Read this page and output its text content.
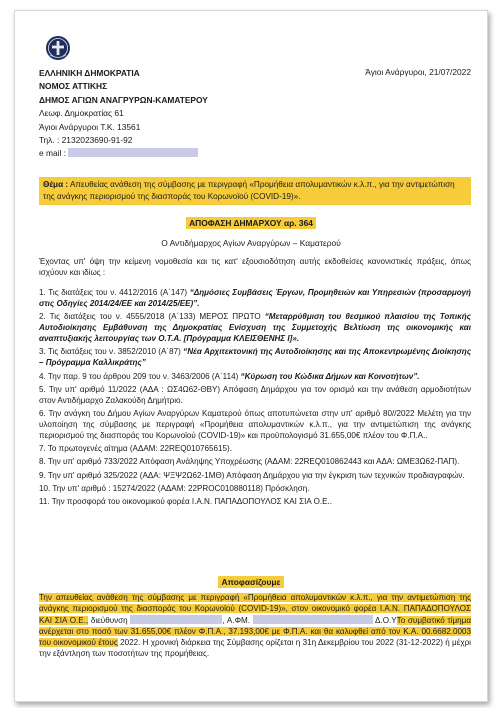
ΕΛΛΗΝΙΚΗ ΔΗΜΟΚΡΑΤΙΑ
ΝΟΜΟΣ ΑΤΤΙΚΗΣ
ΔΗΜΟΣ ΑΓΙΩΝ ΑΝΑΓΡΥΡΩΝ-ΚΑΜΑΤΕΡΟΥ
Λεωφ. Δημοκρατίας 61
Άγιοι Ανάργυροι Τ.Κ. 13561
Τηλ. : 2132023690-91-92
e mail :
Άγιοι Ανάργυροι, 21/07/2022
Θέμα : Απευθείας ανάθεση της σύμβασης με περιγραφή «Προμήθεια απολυμαντικών κ.λ.π., για την αντιμετώπιση της ανάγκης περιορισμού της διασποράς του Κορωνοϊού (COVID-19)».
ΑΠΟΦΑΣΗ ΔΗΜΑΡΧΟΥ αρ. 364
Ο Αντιδήμαρχος Αγίων Αναργύρων – Καματερού
Έχοντας υπ' όψη την κείμενη νομοθεσία και τις κατ' εξουσιοδότηση αυτής εκδοθείσες κανονιστικές πράξεις, όπως ισχύουν και ιδίως :
1. Τις διατάξεις του ν. 4412/2016 (Α΄147) “Δημόσιες Συμβάσεις Έργων, Προμηθειών και Υπηρεσιών (προσαρμογή στις Οδηγίες 2014/24/ΕΕ και 2014/25/ΕΕ)”.
2. Τις διατάξεις του ν. 4555/2018 (Α΄133) ΜΕΡΟΣ ΠΡΩΤΟ “Μεταρρύθμιση του θεσμικού πλαισίου της Τοπικής Αυτοδιοίκησης Εμβάθυνση της Δημοκρατίας Ενίσχυση της Συμμετοχής Βελτίωση της οικονομικής και αναπτυξιακής λειτουργίας των Ο.Τ.Α. [Πρόγραμμα ΚΛΕΙΣΘΕΝΗΣ Ι]».
3. Τις διατάξεις του ν. 3852/2010 (Α΄87) “Νέα Αρχιτεκτονική της Αυτοδιοίκησης και της Αποκεντρωμένης Διοίκησης – Πρόγραμμα Καλλικράτης”
4. Την παρ. 9 του άρθρου 209 του ν. 3463/2006 (Α΄114) “Κύρωση του Κώδικα Δήμων και Κοινοτήτων”.
5. Την υπ' αριθμό 11/2022 (ΑΔΑ : ΩΣ4Ω62-ΘΒΥ) Απόφαση Δημάρχου για τον ορισμό και την ανάθεση αρμοδιοτήτων στον Αντιδήμαρχο Ζαλακούδη Δημήτριο.
6. Την ανάγκη του Δήμου Αγίων Αναργύρων Καματερού όπως αποτυπώνεται στην υπ' αριθμό 80//2022 Μελέτη για την υλοποίηση της σύμβασης με περιγραφή «Προμήθεια απολυμαντικών κ.λ.π., για την αντιμετώπιση της ανάγκης περιορισμού της διασποράς του Κορωνοϊού (COVID-19)» και προϋπολογισμό 31.655,00€ πλέον του Φ.Π.Α..
7. Το πρωτογενές αίτημα (ΑΔΑΜ: 22REQ010765615).
8. Την υπ' αριθμό 733/2022 Απόφαση Ανάληψης Υποχρέωσης (ΑΔΑΜ: 22REQ010862443 και ΑΔΑ: ΩΜΕ3Ω62-ΠΑΠ).
9. Την υπ' αριθμό 325/2022 (ΑΔΑ: ΨΞΨ2Ω62-1ΜΘ) Απόφαση Δημάρχου για την έγκριση των τεχνικών προδιαγραφών.
10. Την υπ' αριθμό : 15274/2022 (ΑΔΑΜ: 22PROC010880118) Πρόσκληση.
11. Την προσφορά του οικονομικού φορέα Ι.Α.Ν. ΠΑΠΑΔΟΠΟΥΛΟΣ ΚΑΙ ΣΙΑ Ο.Ε..
Αποφασίζουμε
Την απευθείας ανάθεση της σύμβασης με περιγραφή «Προμήθεια απολυμαντικών κ.λ.π., για την αντιμετώπιση της ανάγκης περιορισμού της διασποράς του Κορωνοϊού (COVID-19)», στον οικονομικό φορέα Ι.Α.Ν. ΠΑΠΑΔΟΠΟΥΛΟΣ ΚΑΙ ΣΙΑ Ο.Ε., διεύθυνση	, Α.ΦΜ.	Δ.Ο.ΥΤο συμβατικό τίμημα ανέρχεται στο ποσό των 31.655,00€ πλέον Φ.Π.Α., 37.193,00€ με Φ.Π.Α. και θα καλυφθεί από τον Κ.Α. 00.6682.0003 του οικονομικού έτους 2022. Η χρονική διάρκεια της Σύμβασης ορίζεται η 31η Δεκεμβρίου του 2022 (31-12-2022) ή μέχρι την εξάντληση των ποσοτήτων της προμήθειας.
